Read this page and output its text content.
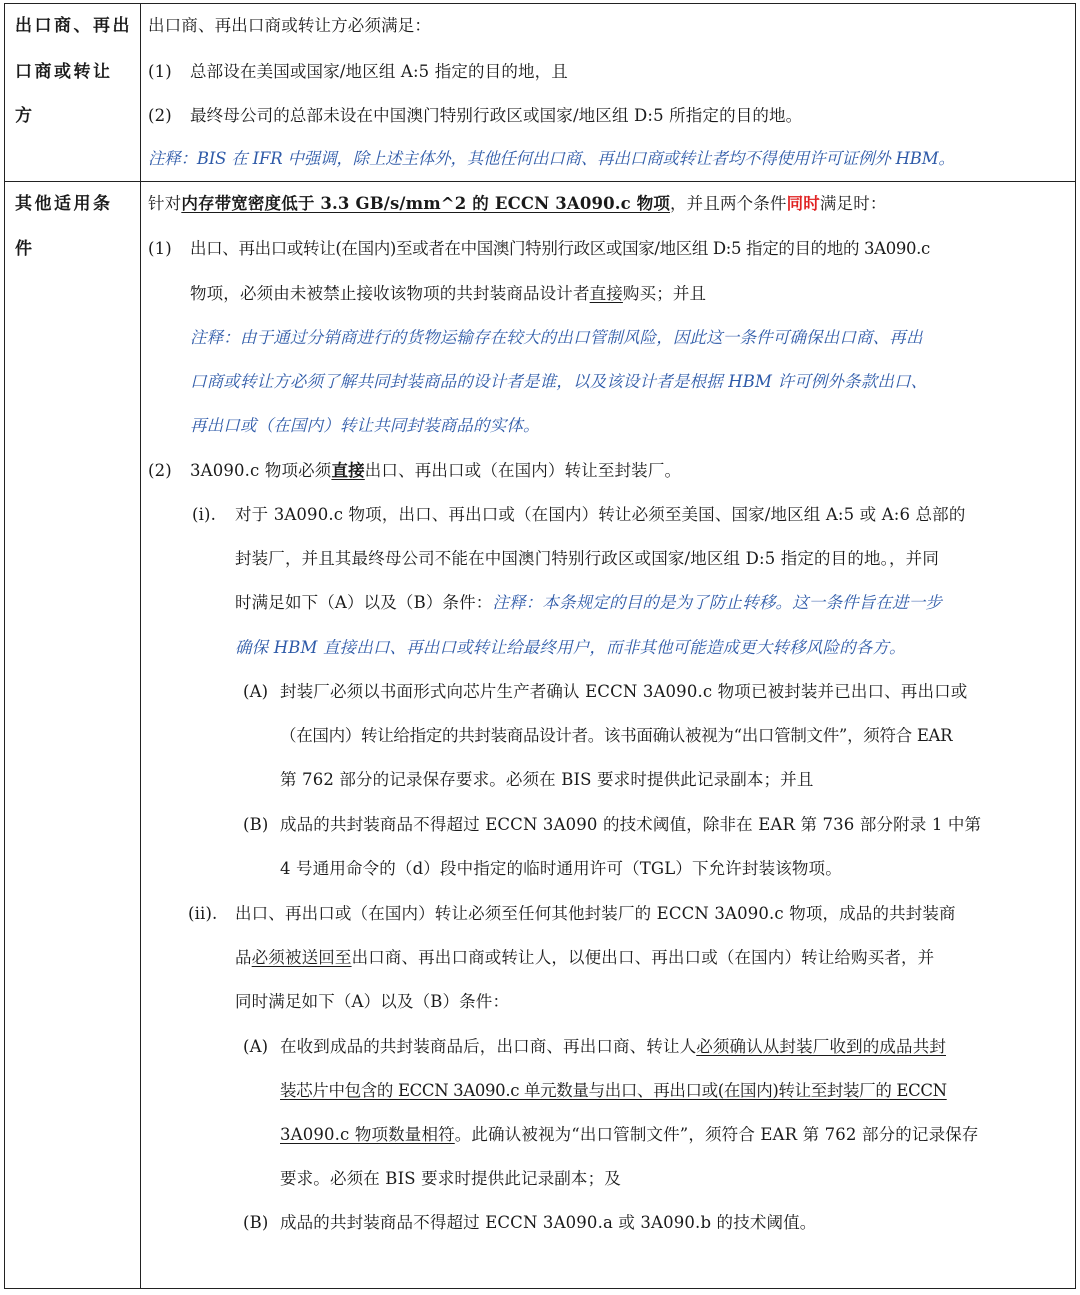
出口商、再出
口商或转让
方
出口商、再出口商或转让方必须满足：
(1) 总部设在美国或国家/地区组 A:5 指定的目的地，且
(2) 最终母公司的总部未设在中国澳门特别行政区或国家/地区组 D:5 所指定的目的地。
注释：BIS 在 IFR 中强调，除上述主体外，其他任何出口商、再出口商或转让者均不得使用许可证例外 HBM。
其他适用条
件
针对内存带宽密度低于 3.3 GB/s/mm^2 的 ECCN 3A090.c 物项，并且两个条件同时满足时：
(1) 出口、再出口或转让(在国内)至或者在中国澳门特别行政区或国家/地区组 D:5 指定的目的地的 3A090.c
物项，必须由未被禁止接收该物项的共封装商品设计者直接购买；并且
注释：由于通过分销商进行的货物运输存在较大的出口管制风险，因此这一条件可确保出口商、再出
口商或转让方必须了解共同封装商品的设计者是谁，以及该设计者是根据 HBM 许可例外条款出口、
再出口或（在国内）转让共同封装商品的实体。
(2) 3A090.c 物项必须直接出口、再出口或（在国内）转让至封装厂。
(i). 对于 3A090.c 物项，出口、再出口或（在国内）转让必须至美国、国家/地区组 A:5 或 A:6 总部的
封装厂，并且其最终母公司不能在中国澳门特别行政区或国家/地区组 D:5 指定的目的地。，并同
时满足如下（A）以及（B）条件：注释：本条规定的目的是为了防止转移。这一条件旨在进一步
确保 HBM 直接出口、再出口或转让给最终用户，而非其他可能造成更大转移风险的各方。
(A) 封装厂必须以书面形式向芯片生产者确认 ECCN 3A090.c 物项已被封装并已出口、再出口或
（在国内）转让给指定的共封装商品设计者。该书面确认被视为“出口管制文件”，须符合 EAR
第 762 部分的记录保存要求。必须在 BIS 要求时提供此记录副本；并且
(B) 成品的共封装商品不得超过 ECCN 3A090 的技术阈值，除非在 EAR 第 736 部分附录 1 中第
4 号通用命令的（d）段中指定的临时通用许可（TGL）下允许封装该物项。
(ii). 出口、再出口或（在国内）转让必须至任何其他封装厂的 ECCN 3A090.c 物项，成品的共封装商
品必须被送回至出口商、再出口商或转让人，以便出口、再出口或（在国内）转让给购买者，并
同时满足如下（A）以及（B）条件：
(A) 在收到成品的共封装商品后，出口商、再出口商、转让人必须确认从封装厂收到的成品共封
装芯片中包含的 ECCN 3A090.c 单元数量与出口、再出口或(在国内)转让至封装厂的 ECCN
3A090.c 物项数量相符。此确认被视为“出口管制文件”，须符合 EAR 第 762 部分的记录保存
要求。必须在 BIS 要求时提供此记录副本；及
(B) 成品的共封装商品不得超过 ECCN 3A090.a 或 3A090.b 的技术阈值。
